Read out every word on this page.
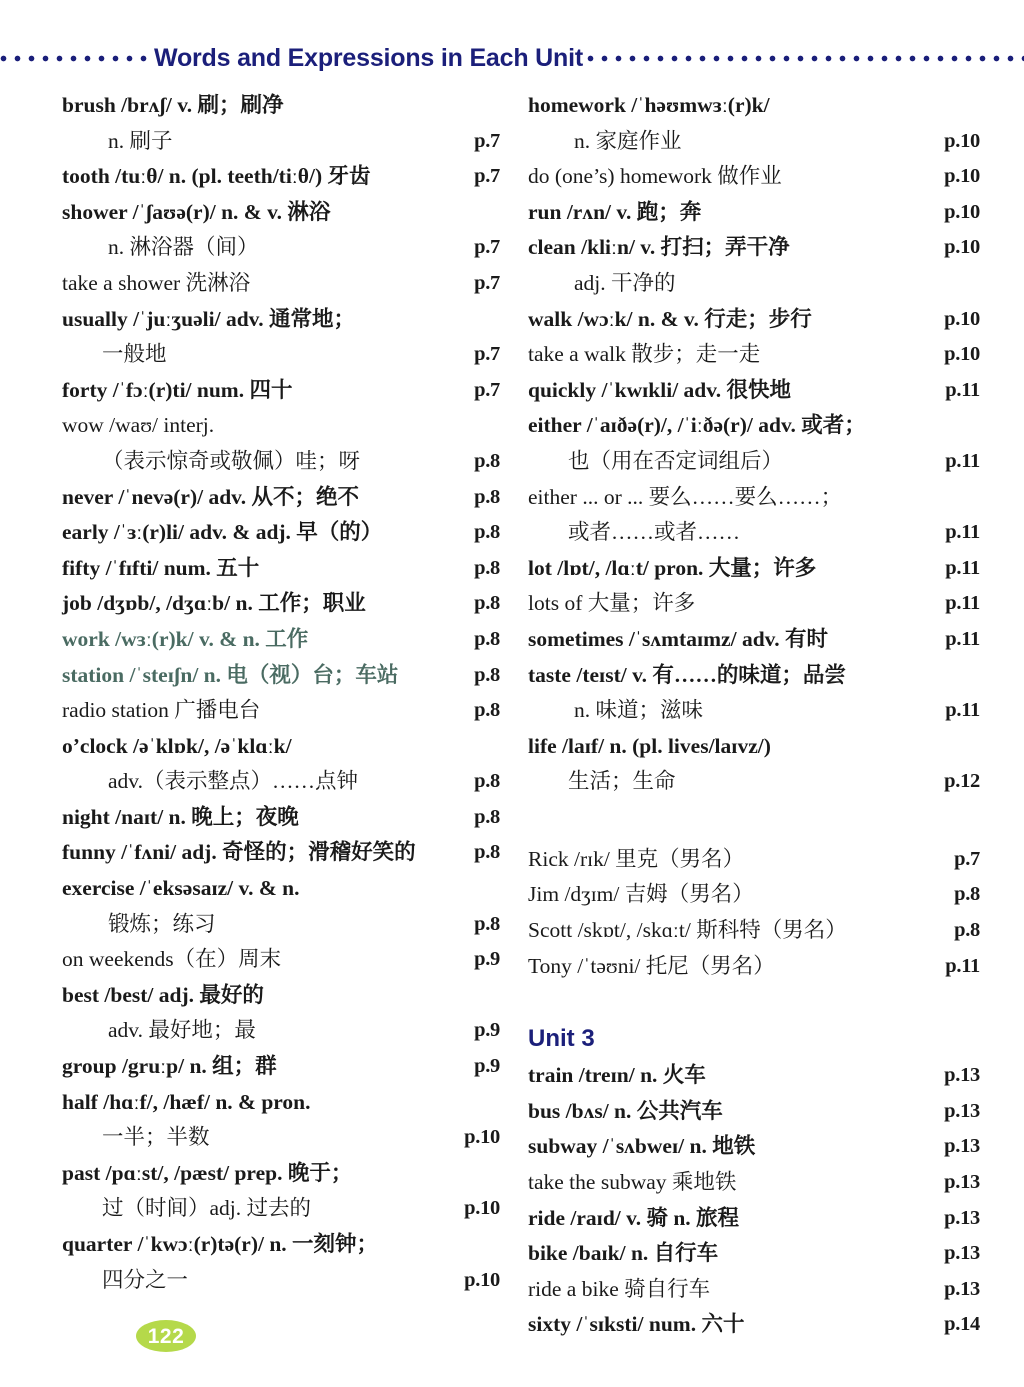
Words and Expressions in Each Unit
brush /brʌʃ/ v. 刷；刷净
n. 刷子	p.7
tooth /tuːθ/ n. (pl. teeth/tiːθ/) 牙齿	p.7
shower /ˈʃaʊə(r)/ n. & v. 淋浴
n. 淋浴器（间）	p.7
take a shower 洗淋浴	p.7
usually /ˈjuːʒuəli/ adv. 通常地；
一般地	p.7
forty /ˈfɔː(r)ti/ num. 四十	p.7
wow /waʊ/ interj.
（表示惊奇或敬佩）哇；呀	p.8
never /ˈnevə(r)/ adv. 从不；绝不	p.8
early /ˈɜː(r)li/ adv. & adj. 早（的）	p.8
fifty /ˈfɪfti/ num. 五十	p.8
job /dʒɒb/, /dʒɑːb/ n. 工作；职业	p.8
work /wɜː(r)k/ v. & n. 工作	p.8
station /ˈsteɪʃn/ n. 电（视）台；车站	p.8
radio station 广播电台	p.8
o’clock /əˈklɒk/, /əˈklɑːk/
adv.（表示整点）……点钟	p.8
night /naɪt/ n. 晚上；夜晚	p.8
funny /ˈfʌni/ adj. 奇怪的；滑稽好笑的	p.8
exercise /ˈeksəsaɪz/ v. & n.
锻炼；练习	p.8
on weekends（在）周末	p.9
best /best/ adj. 最好的
adv. 最好地；最	p.9
group /gruːp/ n. 组；群	p.9
half /hɑːf/, /hæf/ n. & pron.
一半；半数	p.10
past /pɑːst/, /pæst/ prep. 晚于；
过（时间）adj. 过去的	p.10
quarter /ˈkwɔː(r)tə(r)/ n. 一刻钟；
四分之一	p.10
homework /ˈhəʊmwɜː(r)k/
n. 家庭作业	p.10
do (one’s) homework 做作业	p.10
run /rʌn/ v. 跑；奔	p.10
clean /kliːn/ v. 打扫；弄干净	p.10
adj. 干净的
walk /wɔːk/ n. & v. 行走；步行	p.10
take a walk 散步；走一走	p.10
quickly /ˈkwɪkli/ adv. 很快地	p.11
either /ˈaɪðə(r)/, /ˈiːðə(r)/ adv. 或者；
也（用在否定词组后）	p.11
either ... or ... 要么……要么……；
或者……或者……	p.11
lot /lɒt/, /lɑːt/ pron. 大量；许多	p.11
lots of 大量；许多	p.11
sometimes /ˈsʌmtaɪmz/ adv. 有时	p.11
taste /teɪst/ v. 有……的味道；品尝
n. 味道；滋味	p.11
life /laɪf/ n. (pl. lives/laɪvz/)
生活；生命	p.12
Rick /rɪk/ 里克（男名）	p.7
Jim /dʒɪm/ 吉姆（男名）	p.8
Scott /skɒt/, /skɑːt/ 斯科特（男名）	p.8
Tony /ˈtəʊni/ 托尼（男名）	p.11
Unit 3
train /treɪn/ n. 火车	p.13
bus /bʌs/ n. 公共汽车	p.13
subway /ˈsʌbweɪ/ n. 地铁	p.13
take the subway 乘地铁	p.13
ride /raɪd/ v. 骑 n. 旅程	p.13
bike /baɪk/ n. 自行车	p.13
ride a bike 骑自行车	p.13
sixty /ˈsɪksti/ num. 六十	p.14
122
